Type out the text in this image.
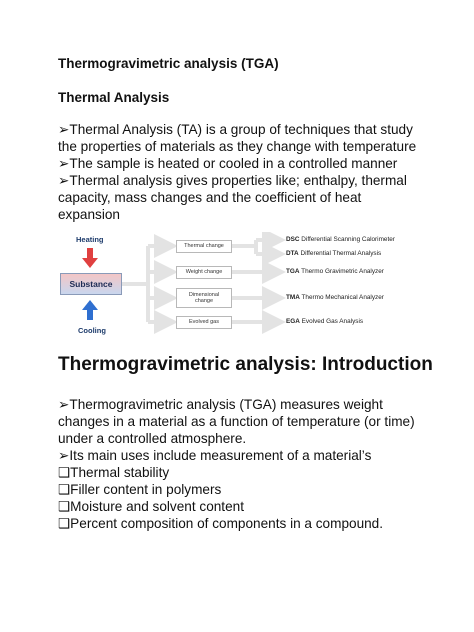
Thermogravimetric analysis (TGA)
Thermal Analysis
➢Thermal Analysis (TA) is a group of techniques that study
the properties of materials as they change with temperature
➢The sample is heated or cooled in a controlled manner
➢Thermal analysis gives properties like; enthalpy, thermal
capacity, mass changes and the coefficient of heat
expansion
Heating
Substance
Cooling
Thermal change
Weight change
Dimensional change
Evolved gas
DSC Differential Scanning Calorimeter
DTA Differential Thermal Analysis
TGA Thermo Gravimetric Analyzer
TMA Thermo Mechanical Analyzer
EGA Evolved Gas Analysis
Thermogravimetric analysis: Introduction
➢Thermogravimetric analysis (TGA) measures weight
changes in a material as a function of temperature (or time)
under a controlled atmosphere.
➢Its main uses include measurement of a material’s
❑Thermal stability
❑Filler content in polymers
❑Moisture and solvent content
❑Percent composition of components in a compound.
